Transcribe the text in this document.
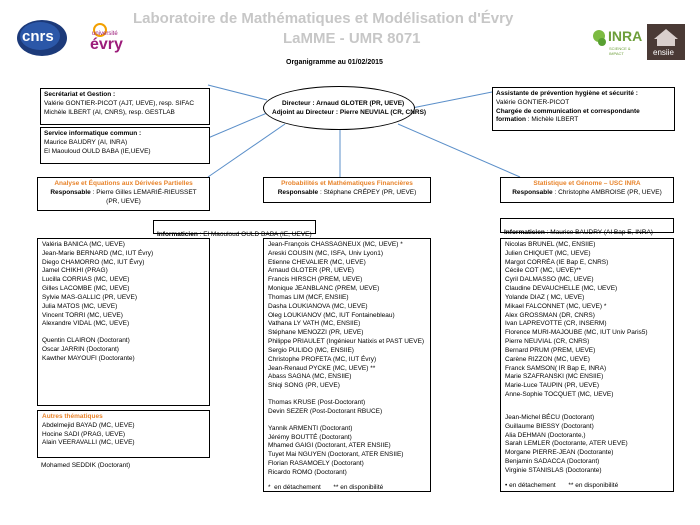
cnrs	université
évry	INRA
SCIENCE & IMPACT	ensiie
Laboratoire de Mathématiques et Modélisation d'Évry
LaMME - UMR 8071
Organigramme au 01/02/2015
Secrétariat et Gestion :
Valérie GONTIER-PICOT (AJT, UEVE), resp. SIFAC
Michèle ILBERT (AI, CNRS), resp. GESTLAB
Service informatique commun :
Maurice BAUDRY (AI, INRA)
El Maouloud OULD BABA (IE,UEVE)
Directeur : Arnaud GLOTER (PR, UEVE)
Adjoint au Directeur : Pierre NEUVIAL (CR, CNRS)
Assistante de prévention hygiène et sécurité :
Valérie GONTIER-PICOT
Chargée de communication et correspondante
formation : Michèle ILBERT
Analyse et Équations aux Dérivées Partielles
Responsable : Pierre Gilles LEMARIÉ-RIEUSSET
(PR, UEVE)
Probabilités et Mathématiques Financières
Responsable : Stéphane CRÉPEY (PR, UEVE)
Statistique et Génome – USC INRA
Responsable : Christophe AMBROISE (PR, UEVE)
Informaticien : El Maouloud OULD BABA (IE, UEVE)	Informaticien : Maurice BAUDRY (AI Bap E, INRA)
Valéria BANICA (MC, UEVE)
Jean-Marie BERNARD (MC, IUT Évry)
Diego CHAMORRO (MC, IUT Évry)
Jamel CHIKHI (PRAG)
Lucilla CORRIAS (MC, UEVE)
Gilles LACOMBE (MC, UEVE)
Sylvie MAS-GALLIC (PR, UEVE)
Julia MATOS (MC, UEVE)
Vincent TORRI (MC, UEVE)
Alexandre VIDAL (MC, UEVE)
Quentin CLAIRON (Doctorant)
Oscar JARRIN (Doctorant)
Kawther MAYOUFI (Doctorante)
Autres thématiques
Abdelmejid BAYAD (MC, UEVE)
Hocine SADI (PRAG, UEVE)
Alain VEERAVALLI (MC, UEVE)
Mohamed SEDDIK (Doctorant)
Jean-François CHASSAGNEUX (MC, UEVE) *
Areski COUSIN (MC, ISFA, Univ Lyon1)
Etienne CHEVALIER (MC, UEVE)
Arnaud GLOTER (PR, UEVE)
Francis HIRSCH (PREM, UEVE)
Monique JEANBLANC (PREM, UEVE)
Thomas LIM (MCF, ENSIIE)
Dasha LOUKIANOVA (MC, UEVE)
Oleg LOUKIANOV (MC, IUT Fontainebleau)
Vathana LY VATH (MC, ENSIIE)
Stéphane MENOZZI (PR, UEVE)
Philippe PRIAULET (Ingénieur Natixis et PAST UEVE)
Sergio PULIDO (MC, ENSIIE)
Christophe PROFETA (MC, IUT Évry)
Jean-Renaud PYCKE (MC, UEVE) **
Abass SAGNA (MC, ENSIIE)
Shiqi SONG (PR, UEVE)
Thomas KRUSE (Post-Doctorant)
Devin SEZER (Post-Doctorant RBUCE)
Yannik ARMENTI (Doctorant)
Jérémy BOUTTÉ (Doctorant)
Mhamed GAIGI (Doctorant, ATER ENSIIE)
Tuyet Mai NGUYEN (Doctorant, ATER ENSIIE)
Florian RASAMOELY (Doctorant)
Ricardo ROMO (Doctorant)
*  en détachement       ** en disponibilité
Nicolas BRUNEL (MC, ENSIIE)
Julien CHIQUET (MC, UEVE)
Margot CORRÉA (IE Bap E, CNRS)
Cécile COT (MC, UEVE)**
Cyril DALMASSO (MC, UEVE)
Claudine DEVAUCHELLE (MC, UEVE)
Yolande DIAZ ( MC, UEVE)
Mikael FALCONNET (MC, UEVE) *
Alex GROSSMAN (DR, CNRS)
Ivan LAPREVOTTE (CR, INSERM)
Florence MURI-MAJOUBE (MC, IUT Univ Paris5)
Pierre NEUVIAL (CR, CNRS)
Bernard PRUM (PREM, UEVE)
Carène RIZZON (MC, UEVE)
Franck SAMSON( IR Bap E, INRA)
Marie SZAFRANSKI (MC ENSIIE)
Marie-Luce TAUPIN (PR, UEVE)
Anne-Sophie TOCQUET (MC, UEVE)
Jean-Michel BÉCU (Doctorant)
Guillaume BIESSY (Doctorant)
Alia DEHMAN (Doctorante,)
Sarah LEMLER (Doctorante, ATER UEVE)
Morgane PIERRE-JEAN (Doctorante)
Benjamin SADACCA (Doctorant)
Virginie STANISLAS (Doctorante)
• en détachement       ** en disponibilité
